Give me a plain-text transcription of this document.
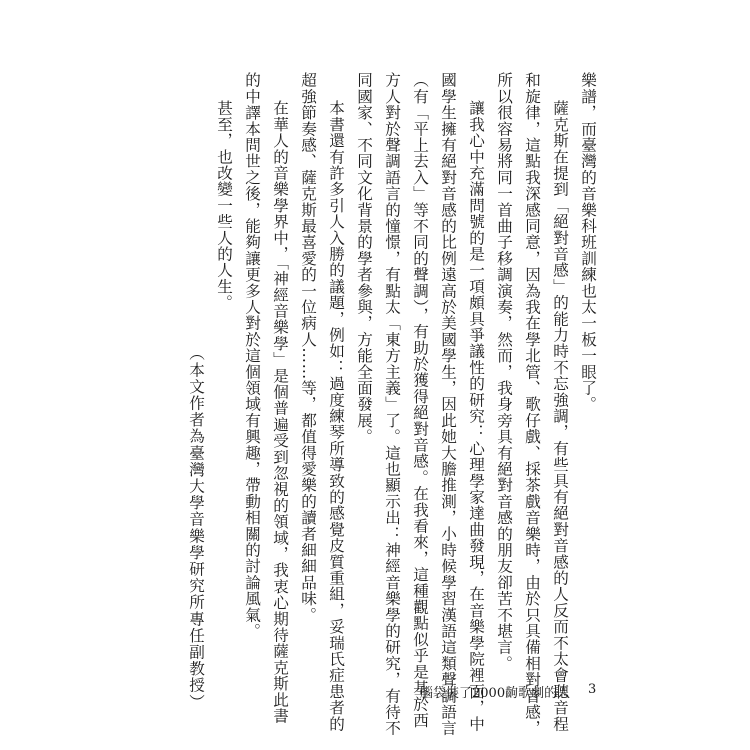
樂譜，而臺灣的音樂科班訓練也太一板一眼了。
薩克斯在提到「絕對音感」的能力時不忘強調，有些具有絕對音感的人反而不太會聽音程
和旋律，這點我深感同意，因為我在學北管、歌仔戲、採茶戲音樂時，由於只具備相對音感，
所以很容易將同一首曲子移調演奏，然而，我身旁具有絕對音感的朋友卻苦不堪言。
讓我心中充滿問號的是一項頗具爭議性的研究：心理學家達曲發現，在音樂學院裡面，中
國學生擁有絕對音感的比例遠高於美國學生，因此她大膽推測，小時候學習漢語這類聲調語言
（有「平上去入」等不同的聲調），有助於獲得絕對音感。在我看來，這種觀點似乎是基於西
方人對於聲調語言的憧憬，有點太「東方主義」了。這也顯示出：神經音樂學的研究，有待不
同國家、不同文化背景的學者參與，方能全面發展。
本書還有許多引人入勝的議題，例如：過度練琴所導致的感覺皮質重組，妥瑞氏症患者的
超強節奏感、薩克斯最喜愛的一位病人……等，都值得愛樂的讀者細細品味。
在華人的音樂學界中，「神經音樂學」是個普遍受到忽視的領域，我衷心期待薩克斯此書
的中譯本問世之後，能夠讓更多人對於這個領域有興趣，帶動相關的討論風氣。
甚至，也改變一些人的人生。
（本文作者為臺灣大學音樂學研究所專任副教授）	腦袋裝了2000齣歌劇的人 3
